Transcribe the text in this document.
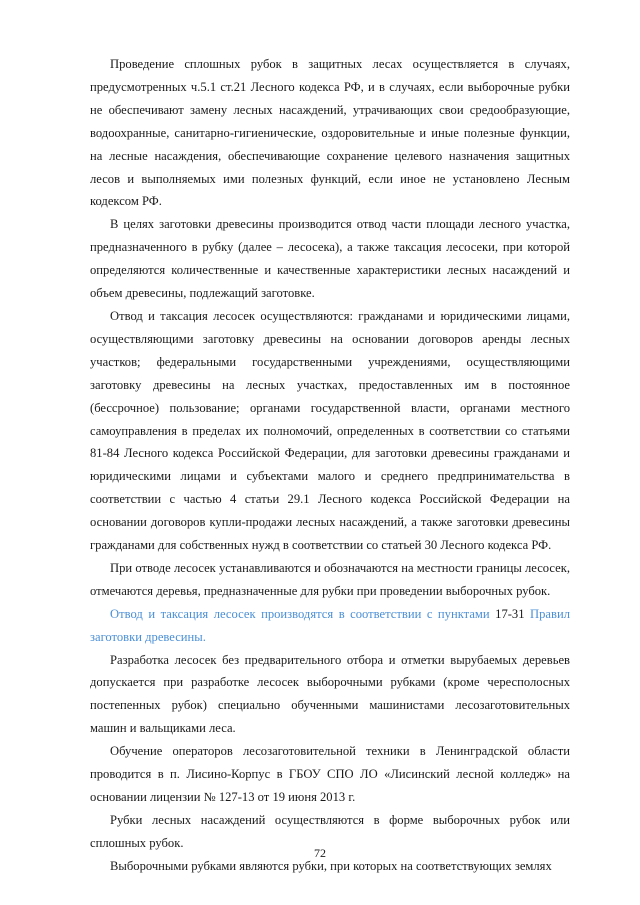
Проведение сплошных рубок в защитных лесах осуществляется в случаях, предусмотренных ч.5.1 ст.21 Лесного кодекса РФ, и в случаях, если выборочные рубки не обеспечивают замену лесных насаждений, утрачивающих свои средообразующие, водоохранные, санитарно-гигиенические, оздоровительные и иные полезные функции, на лесные насаждения, обеспечивающие сохранение целевого назначения защитных лесов и выполняемых ими полезных функций, если иное не установлено Лесным кодексом РФ.

В целях заготовки древесины производится отвод части площади лесного участка, предназначенного в рубку (далее – лесосека), а также таксация лесосеки, при которой определяются количественные и качественные характеристики лесных насаждений и объем древесины, подлежащий заготовке.

Отвод и таксация лесосек осуществляются: гражданами и юридическими лицами, осуществляющими заготовку древесины на основании договоров аренды лесных участков; федеральными государственными учреждениями, осуществляющими заготовку древесины на лесных участках, предоставленных им в постоянное (бессрочное) пользование; органами государственной власти, органами местного самоуправления в пределах их полномочий, определенных в соответствии со статьями 81-84 Лесного кодекса Российской Федерации, для заготовки древесины гражданами и юридическими лицами и субъектами малого и среднего предпринимательства в соответствии с частью 4 статьи 29.1 Лесного кодекса Российской Федерации на основании договоров купли-продажи лесных насаждений, а также заготовки древесины гражданами для собственных нужд в соответствии со статьей 30 Лесного кодекса РФ.

При отводе лесосек устанавливаются и обозначаются на местности границы лесосек, отмечаются деревья, предназначенные для рубки при проведении выборочных рубок.

Отвод и таксация лесосек производятся в соответствии с пунктами 17-31 Правил заготовки древесины.

Разработка лесосек без предварительного отбора и отметки вырубаемых деревьев допускается при разработке лесосек выборочными рубками (кроме чересполосных постепенных рубок) специально обученными машинистами лесозаготовительных машин и вальщиками леса.

Обучение операторов лесозаготовительной техники в Ленинградской области проводится в п. Лисино-Корпус в ГБОУ СПО ЛО «Лисинский лесной колледж» на основании лицензии № 127-13 от 19 июня 2013 г.

Рубки лесных насаждений осуществляются в форме выборочных рубок или сплошных рубок.

Выборочными рубками являются рубки, при которых на соответствующих землях

72
